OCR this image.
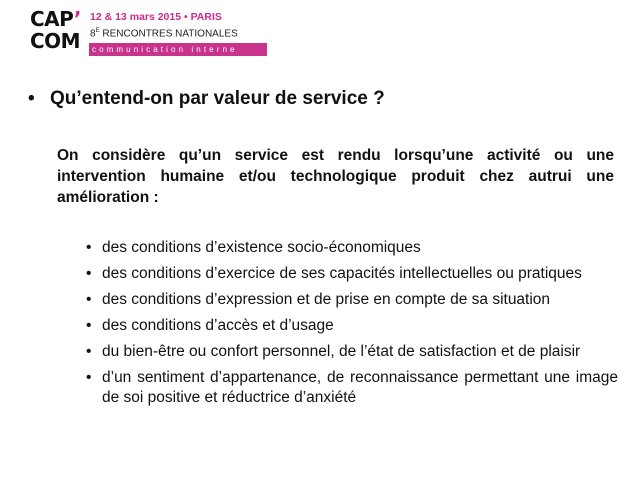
CAP’
COM
12 & 13 mars 2015 • PARIS
$8^E$ RENCONTRES NATIONALES
communication interne
• Qu’entend-on par valeur de service ?
On considère qu’un service est rendu lorsqu’une activité ou une intervention humaine et/ou technologique produit chez autrui une amélioration :
• des conditions d’existence socio-économiques
• des conditions d’exercice de ses capacités intellectuelles ou pratiques
• des conditions d’expression et de prise en compte de sa situation
• des conditions d’accès et d’usage
• du bien-être ou confort personnel, de l’état de satisfaction et de plaisir
• d’un sentiment d’appartenance, de reconnaissance permettant une image de soi positive et réductrice d’anxiété
